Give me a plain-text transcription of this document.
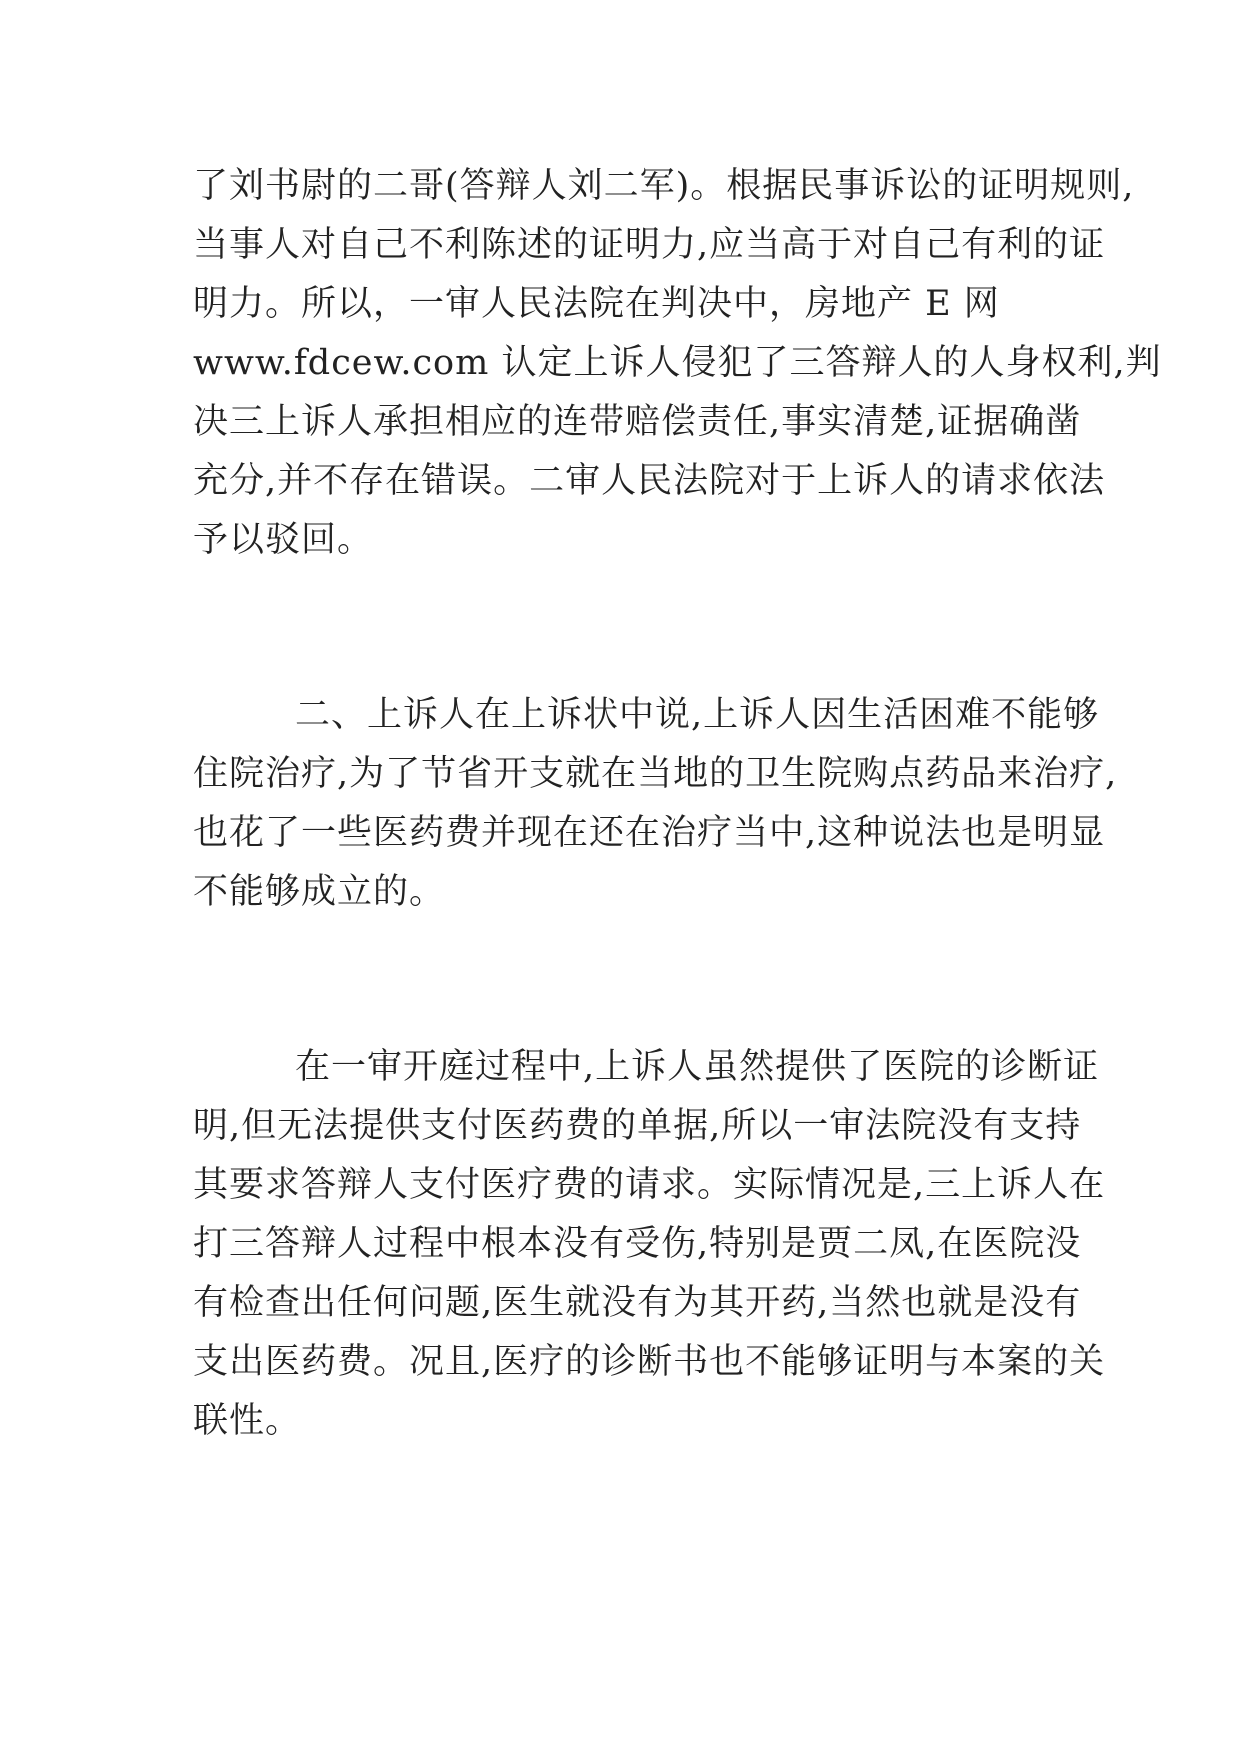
了刘书尉的二哥(答辩人刘二军)。根据民事诉讼的证明规则,
当事人对自己不利陈述的证明力,应当高于对自己有利的证
明力。所以，一审人民法院在判决中，房地产 E 网
www.fdcew.com 认定上诉人侵犯了三答辩人的人身权利,判
决三上诉人承担相应的连带赔偿责任,事实清楚,证据确凿
充分,并不存在错误。二审人民法院对于上诉人的请求依法
予以驳回。
二、上诉人在上诉状中说,上诉人因生活困难不能够
住院治疗,为了节省开支就在当地的卫生院购点药品来治疗,
也花了一些医药费并现在还在治疗当中,这种说法也是明显
不能够成立的。
在一审开庭过程中,上诉人虽然提供了医院的诊断证
明,但无法提供支付医药费的单据,所以一审法院没有支持
其要求答辩人支付医疗费的请求。实际情况是,三上诉人在
打三答辩人过程中根本没有受伤,特别是贾二凤,在医院没
有检查出任何问题,医生就没有为其开药,当然也就是没有
支出医药费。况且,医疗的诊断书也不能够证明与本案的关
联性。
